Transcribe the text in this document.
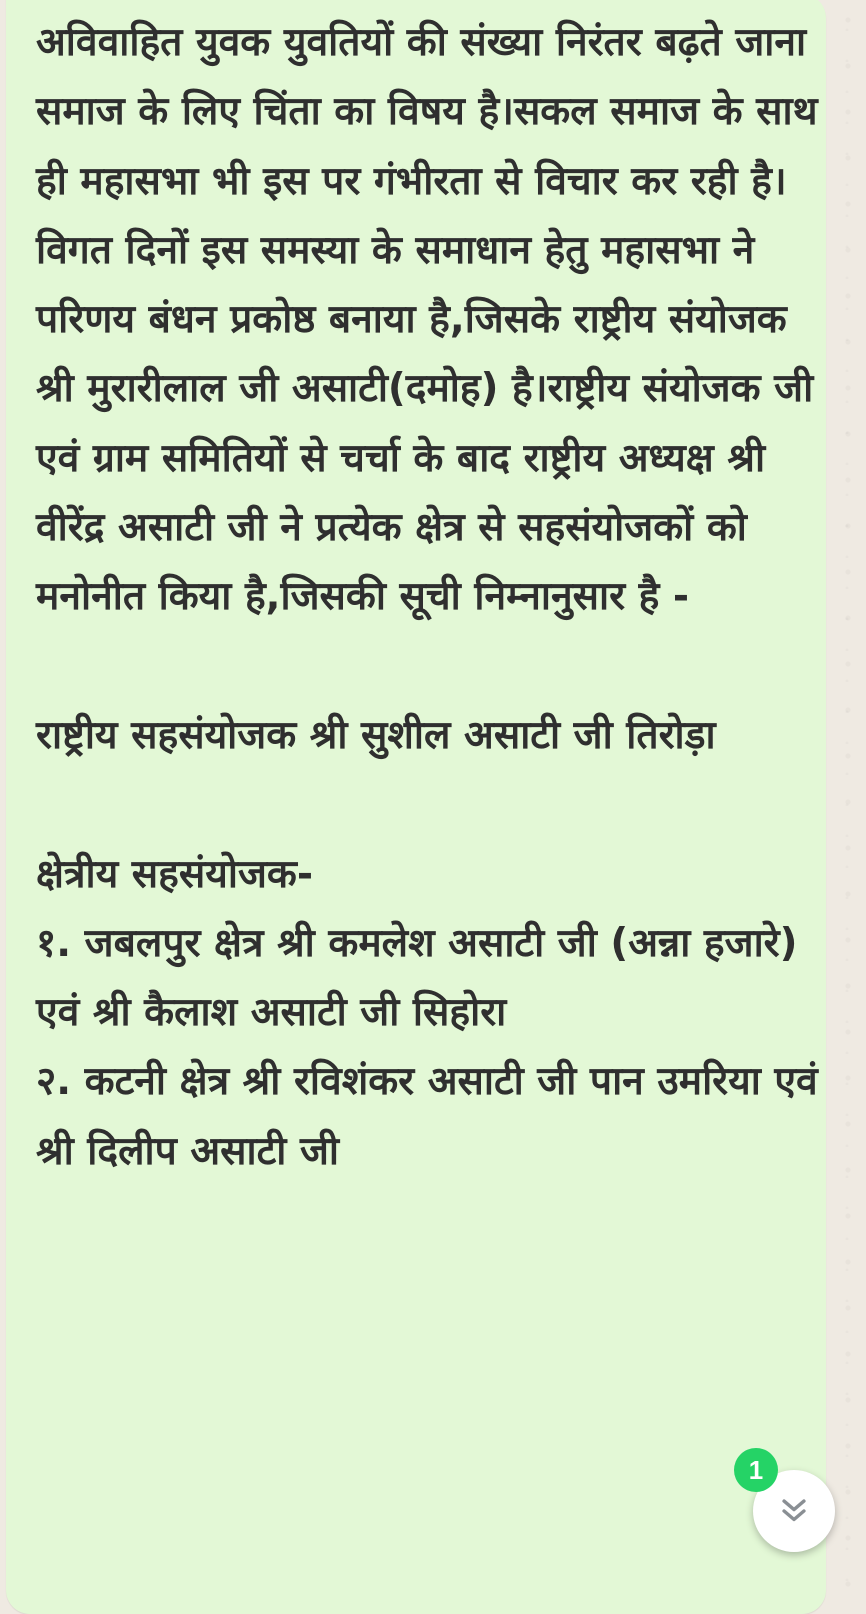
अविवाहित युवक युवतियों की संख्या निरंतर बढ़ते जाना समाज के लिए चिंता का विषय है।सकल समाज के साथ ही महासभा भी इस पर गंभीरता से विचार कर रही है।विगत दिनों इस समस्या के समाधान हेतु महासभा ने परिणय बंधन प्रकोष्ठ बनाया है,जिसके राष्ट्रीय संयोजक श्री मुरारीलाल जी असाटी(दमोह) है।राष्ट्रीय संयोजक जी एवं ग्राम समितियों से चर्चा के बाद राष्ट्रीय अध्यक्ष श्री वीरेंद्र असाटी जी ने प्रत्येक क्षेत्र से सहसंयोजकों को मनोनीत किया है,जिसकी सूची निम्नानुसार है -

राष्ट्रीय सहसंयोजक श्री सुशील असाटी जी तिरोड़ा

क्षेत्रीय सहसंयोजक-
१. जबलपुर क्षेत्र श्री कमलेश असाटी जी (अन्ना हजारे) एवं श्री कैलाश असाटी जी सिहोरा
२. कटनी क्षेत्र श्री रविशंकर असाटी जी पान उमरिया एवं श्री दिलीप असाटी जी

1
